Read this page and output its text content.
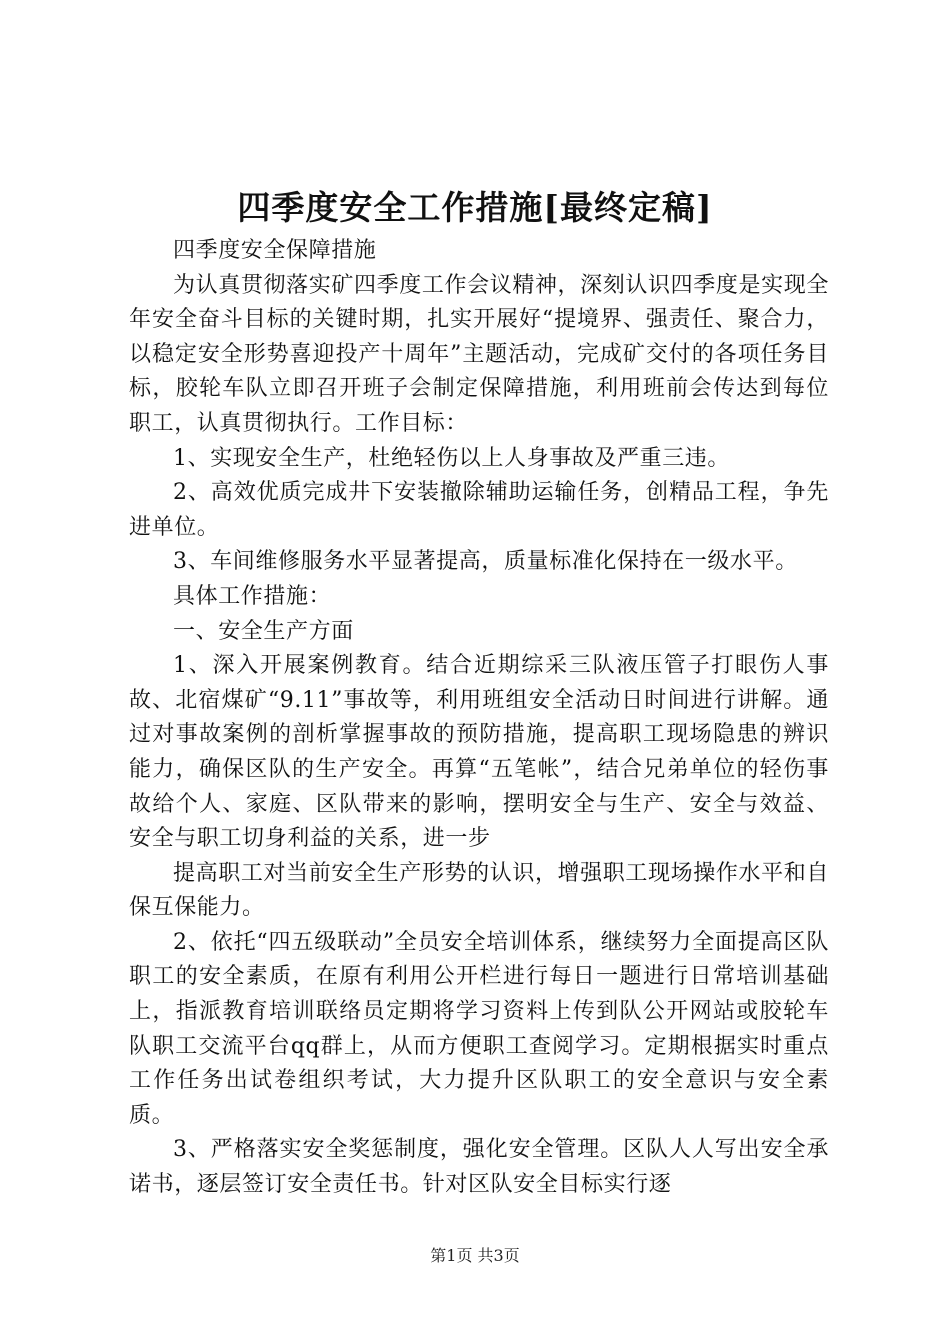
四季度安全工作措施[最终定稿]

四季度安全保障措施

为认真贯彻落实矿四季度工作会议精神，深刻认识四季度是实现全年安全奋斗目标的关键时期，扎实开展好“提境界、强责任、聚合力，以稳定安全形势喜迎投产十周年”主题活动，完成矿交付的各项任务目标，胶轮车队立即召开班子会制定保障措施，利用班前会传达到每位职工，认真贯彻执行。工作目标：

1、实现安全生产，杜绝轻伤以上人身事故及严重三违。

2、高效优质完成井下安装撤除辅助运输任务，创精品工程，争先进单位。

3、车间维修服务水平显著提高，质量标准化保持在一级水平。

具体工作措施：

一、安全生产方面

1、深入开展案例教育。结合近期综采三队液压管子打眼伤人事故、北宿煤矿“9.11”事故等，利用班组安全活动日时间进行讲解。通过对事故案例的剖析掌握事故的预防措施，提高职工现场隐患的辨识能力，确保区队的生产安全。再算“五笔帐”，结合兄弟单位的轻伤事故给个人、家庭、区队带来的影响，摆明安全与生产、安全与效益、安全与职工切身利益的关系，进一步

提高职工对当前安全生产形势的认识，增强职工现场操作水平和自保互保能力。

2、依托“四五级联动”全员安全培训体系，继续努力全面提高区队职工的安全素质，在原有利用公开栏进行每日一题进行日常培训基础上，指派教育培训联络员定期将学习资料上传到队公开网站或胶轮车队职工交流平台qq群上，从而方便职工查阅学习。定期根据实时重点工作任务出试卷组织考试，大力提升区队职工的安全意识与安全素质。

3、严格落实安全奖惩制度，强化安全管理。区队人人写出安全承诺书，逐层签订安全责任书。针对区队安全目标实行逐

第1页 共3页
